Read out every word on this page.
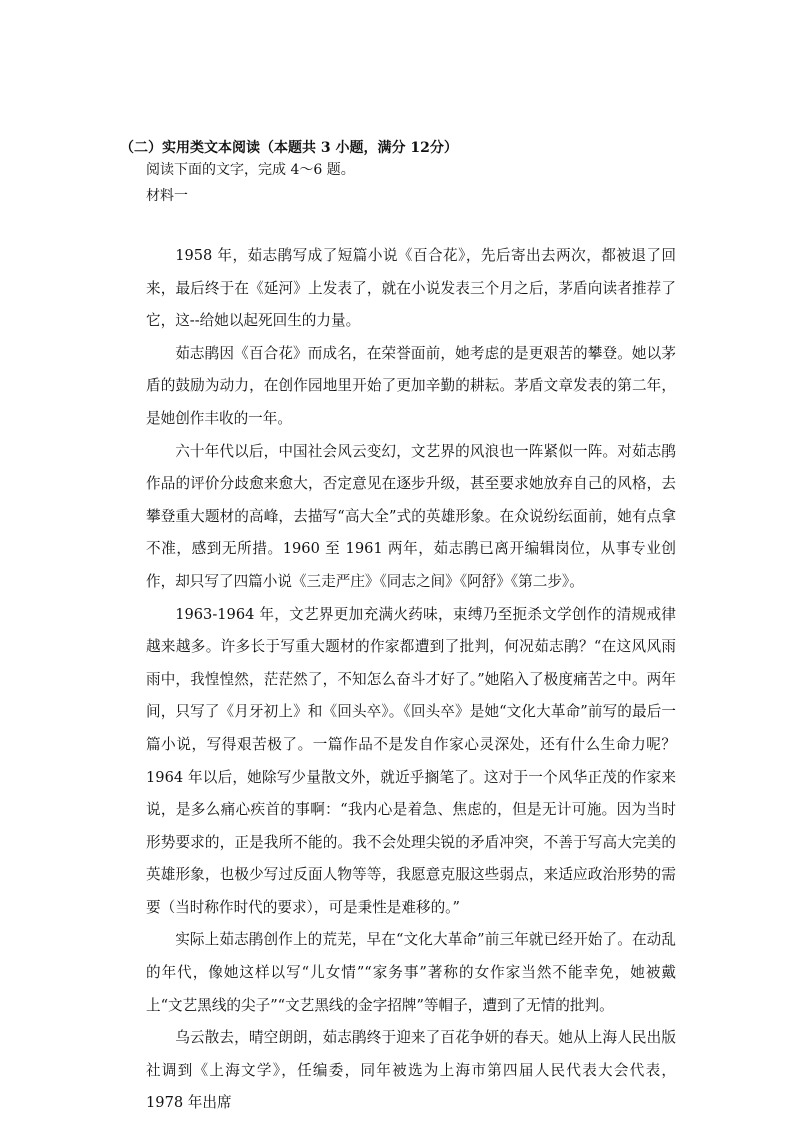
（二）实用类文本阅读（本题共 3 小题，满分 12分）
阅读下面的文字，完成 4～6 题。
材料一

1958 年，茹志鹃写成了短篇小说《百合花》，先后寄出去两次，都被退了回来，最后终于在《延河》上发表了，就在小说发表三个月之后，茅盾向读者推荐了它，这--给她以起死回生的力量。

茹志鹃因《百合花》而成名，在荣誉面前，她考虑的是更艰苦的攀登。她以茅盾的鼓励为动力，在创作园地里开始了更加辛勤的耕耘。茅盾文章发表的第二年，是她创作丰收的一年。

六十年代以后，中国社会风云变幻，文艺界的风浪也一阵紧似一阵。对茹志鹃作品的评价分歧愈来愈大，否定意见在逐步升级，甚至要求她放弃自己的风格，去攀登重大题材的高峰，去描写“高大全”式的英雄形象。在众说纷纭面前，她有点拿不准，感到无所措。1960 至 1961 两年，茹志鹃已离开编辑岗位，从事专业创作，却只写了四篇小说《三走严庄》《同志之间》《阿舒》《第二步》。

1963-1964 年，文艺界更加充满火药味，束缚乃至扼杀文学创作的清规戒律越来越多。许多长于写重大题材的作家都遭到了批判，何况茹志鹃？“在这风风雨雨中，我惶惶然，茫茫然了，不知怎么奋斗才好了。”她陷入了极度痛苦之中。两年间，只写了《月牙初上》和《回头卒》。《回头卒》是她“文化大革命”前写的最后一篇小说，写得艰苦极了。一篇作品不是发自作家心灵深处，还有什么生命力呢？1964 年以后，她除写少量散文外，就近乎搁笔了。这对于一个风华正茂的作家来说，是多么痛心疾首的事啊：“我内心是着急、焦虑的，但是无计可施。因为当时形势要求的，正是我所不能的。我不会处理尖锐的矛盾冲突，不善于写高大完美的英雄形象，也极少写过反面人物等等，我愿意克服这些弱点，来适应政治形势的需要（当时称作时代的要求），可是秉性是难移的。”

实际上茹志鹃创作上的荒芜，早在“文化大革命”前三年就已经开始了。在动乱的年代，像她这样以写“儿女情”“家务事”著称的女作家当然不能幸免，她被戴上“文艺黑线的尖子”“文艺黑线的金字招牌”等帽子，遭到了无情的批判。

乌云散去，晴空朗朗，茹志鹃终于迎来了百花争妍的春天。她从上海人民出版社调到《上海文学》，任编委，同年被选为上海市第四届人民代表大会代表， 1978 年出席
